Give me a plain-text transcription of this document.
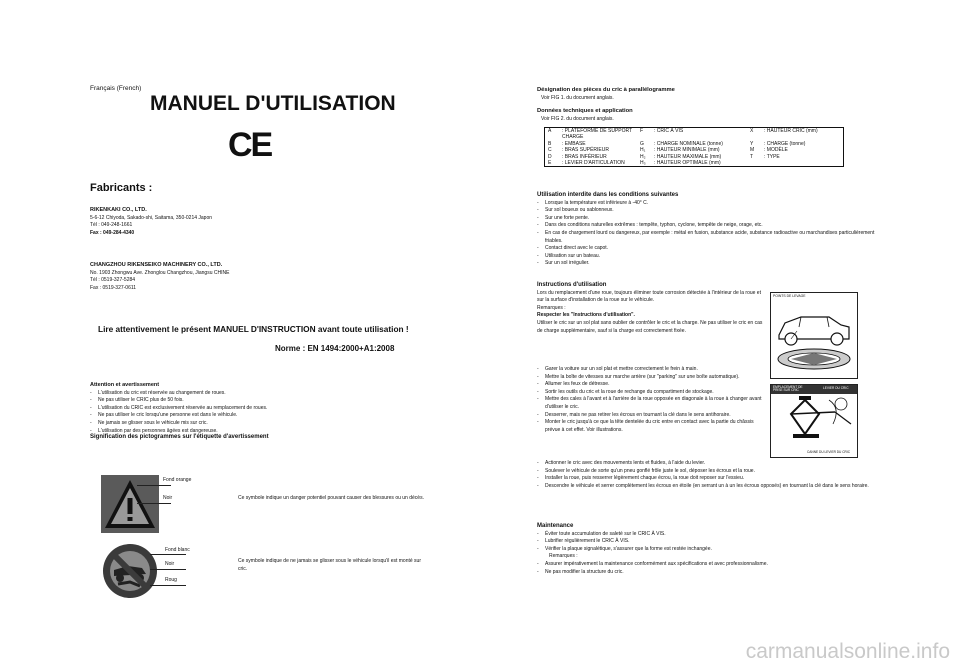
Français (French)
MANUEL D'UTILISATION
CE
Fabricants :
RIKENKAKI CO., LTD.
5-6-12 Chiyoda, Sakado-shi, Saitama, 350-0214 Japon
Tél : 049-248-1661
Fax : 049-284-4340
CHANGZHOU RIKENSEIKO MACHINERY CO., LTD.
No. 1903 Zhongwu Ave. Zhonglou Changzhou, Jiangsu CHINE
Tél : 0519-327-5284
Fax : 0519-327-0611
Lire attentivement le présent MANUEL D'INSTRUCTION avant toute utilisation !
Norme : EN 1494:2000+A1:2008
Attention et avertissement
-	L'utilisation du cric est réservée au changement de roues.
-	Ne pas utiliser le CRIC plus de 50 fois.
-	L'utilisation du CRIC est exclusivement réservée au remplacement de roues.
-	Ne pas utiliser le cric lorsqu'une personne est dans le véhicule.
-	Ne jamais se glisser sous le véhicule mis sur cric.
-	L'utilisation par des personnes âgées est dangereuse.
Signification des pictogrammes sur l'étiquette d'avertissement
Fond orange
Noir	Ce symbole indique un danger potentiel pouvant causer des blessures ou un décès.
Fond blanc
Noir
Roug
Ce symbole indique de ne jamais se glisser sous le véhicule lorsqu'il est monté sur cric.
Désignation des pièces du cric à parallélogramme
Voir FIG 1. du document anglais.
Données techniques et application
Voir FIG 2. du document anglais.
A	: PLATEFORME DE SUPPORT CHARGE	F	: CRIC À VIS	X	: HAUTEUR CRIC (mm)
B	: EMBASE	G	: CHARGE NOMINALE (tonne)	Y	: CHARGE (tonne)
C	: BRAS SUPÉRIEUR	H₁	: HAUTEUR MINIMALE (mm)	M	: MODÈLE
D	: BRAS INFÉRIEUR	H₂	: HAUTEUR MAXIMALE (mm)	T	: TYPE
E	: LEVIER D'ARTICULATION	H₃	: HAUTEUR OPTIMALE (mm)		
Utilisation interdite dans les conditions suivantes
-	Lorsque la température est inférieure à -40° C.
-	Sur sol boueux ou sablonneux.
-	Sur une forte pente.
-	Dans des conditions naturelles extrêmes : tempête, typhon, cyclone, tempête de neige, orage, etc.
-	En cas de chargement lourd ou dangereux, par exemple : métal en fusion, substance acide, substance radioactive ou marchandises particulièrement friables.
-	Contact direct avec le capot.
-	Utilisation sur un bateau.
-	Sur un sol irrégulier.
Instructions d'utilisation
Lors du remplacement d'une roue, toujours éliminer toute corrosion détectée à l'intérieur de la roue et sur la surface d'installation de la roue sur le véhicule.
Remarques :
Respecter les "Instructions d'utilisation".
Utiliser le cric sur un sol plat sans oublier de contrôler le cric et la charge. Ne pas utiliser le cric en cas de charge supplémentaire, sauf si la charge est correctement fixée.
-	Garer la voiture sur un sol plat et mettre correctement le frein à main.
-	Mettre la boîte de vitesses sur marche arrière (sur "parking" sur une boîte automatique).
-	Allumer les feux de détresse.
-	Sortir les outils du cric et la roue de rechange du compartiment de stockage.
-	Mettre des cales à l'avant et à l'arrière de la roue opposée en diagonale à la roue à changer avant d'utiliser le cric.
-	Desserrer, mais ne pas retirer les écrous en tournant la clé dans le sens antihoraire.
-	Monter le cric jusqu'à ce que la tête dentelée du cric entre en contact avec la partie du châssis prévue à cet effet. Voir illustrations.
-	Actionner le cric avec des mouvements lents et fluides, à l'aide du levier.
-	Soulever le véhicule de sorte qu'un pneu gonflé frôle juste le sol, déposer les écrous et la roue.
-	Installer la roue, puis resserrer légèrement chaque écrou, la roue doit reposer sur l'essieu.
-	Descendre le véhicule et serrer complètement les écrous en étoile (en serrant un à un les écrous opposés) en tournant la clé dans le sens horaire.
POINTS DE LEVAGE
EMPLACEMENT DE PRISE SUR CRIC
LEVIER DU CRIC
CANNE DU LEVIER DU CRIC
Maintenance
-	Éviter toute accumulation de saleté sur le CRIC À VIS.
-	Lubrifier régulièrement le CRIC À VIS.
-	Vérifier la plaque signalétique, s'assurer que la forme est restée inchangée.
Remarques :
-	Assurer impérativement la maintenance conformément aux spécifications et avec professionnalisme.
-	Ne pas modifier la structure du cric.
carmanualsonline.info
